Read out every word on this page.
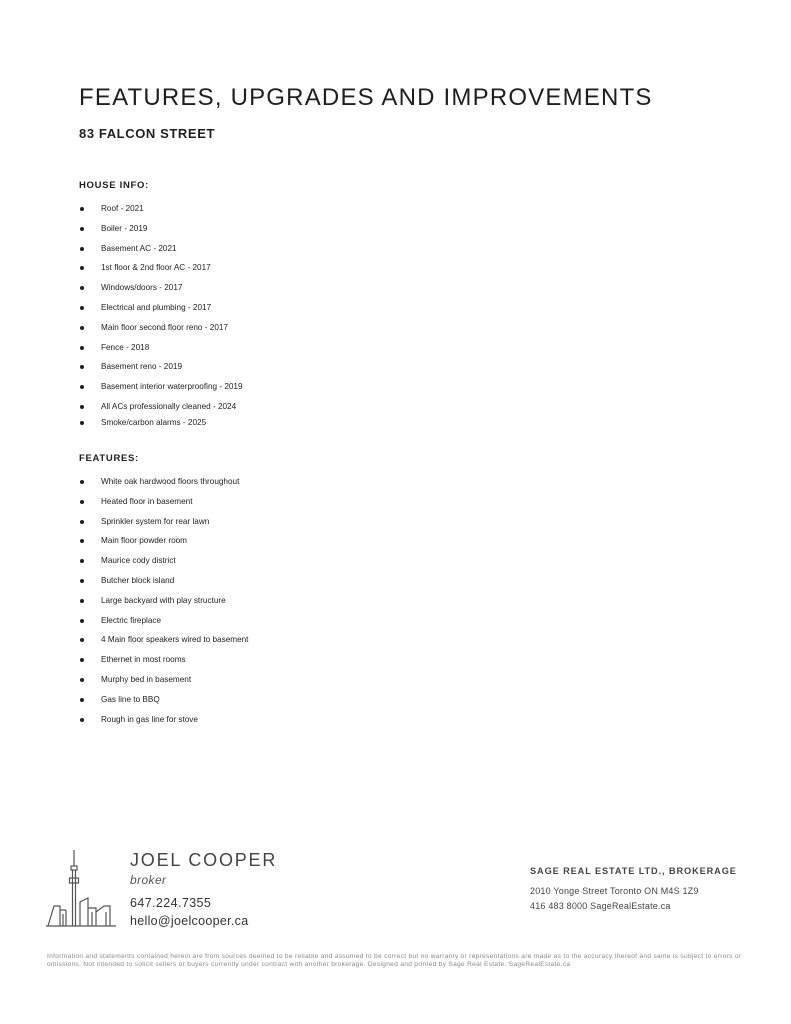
FEATURES, UPGRADES AND IMPROVEMENTS
83 FALCON STREET
HOUSE INFO:
Roof - 2021
Boiler - 2019
Basement AC - 2021
1st floor & 2nd floor AC - 2017
Windows/doors - 2017
Electrical and plumbing - 2017
Main floor second floor reno - 2017
Fence - 2018
Basement reno - 2019
Basement interior waterproofing - 2019
All ACs professionally cleaned - 2024
Smoke/carbon alarms - 2025
FEATURES:
White oak hardwood floors throughout
Heated floor in basement
Sprinkler system for rear lawn
Main floor powder room
Maurice cody district
Butcher block island
Large backyard with play structure
Electric fireplace
4 Main floor speakers wired to basement
Ethernet in most rooms
Murphy bed in basement
Gas line to BBQ
Rough in gas line for stove
JOEL COOPER
broker
647.224.7355
hello@joelcooper.ca
SAGE REAL ESTATE LTD., BROKERAGE
2010 Yonge Street Toronto ON M4S 1Z9
416 483 8000 SageRealEstate.ca
Information and statements contained herein are from sources deemed to be reliable and assumed to be correct but no warranty or representations are made as to the accuracy thereof and same is subject to errors or omissions. Not intended to solicit sellers or buyers currently under contract with another brokerage. Designed and printed by Sage Real Estate. SageRealEstate.ca
